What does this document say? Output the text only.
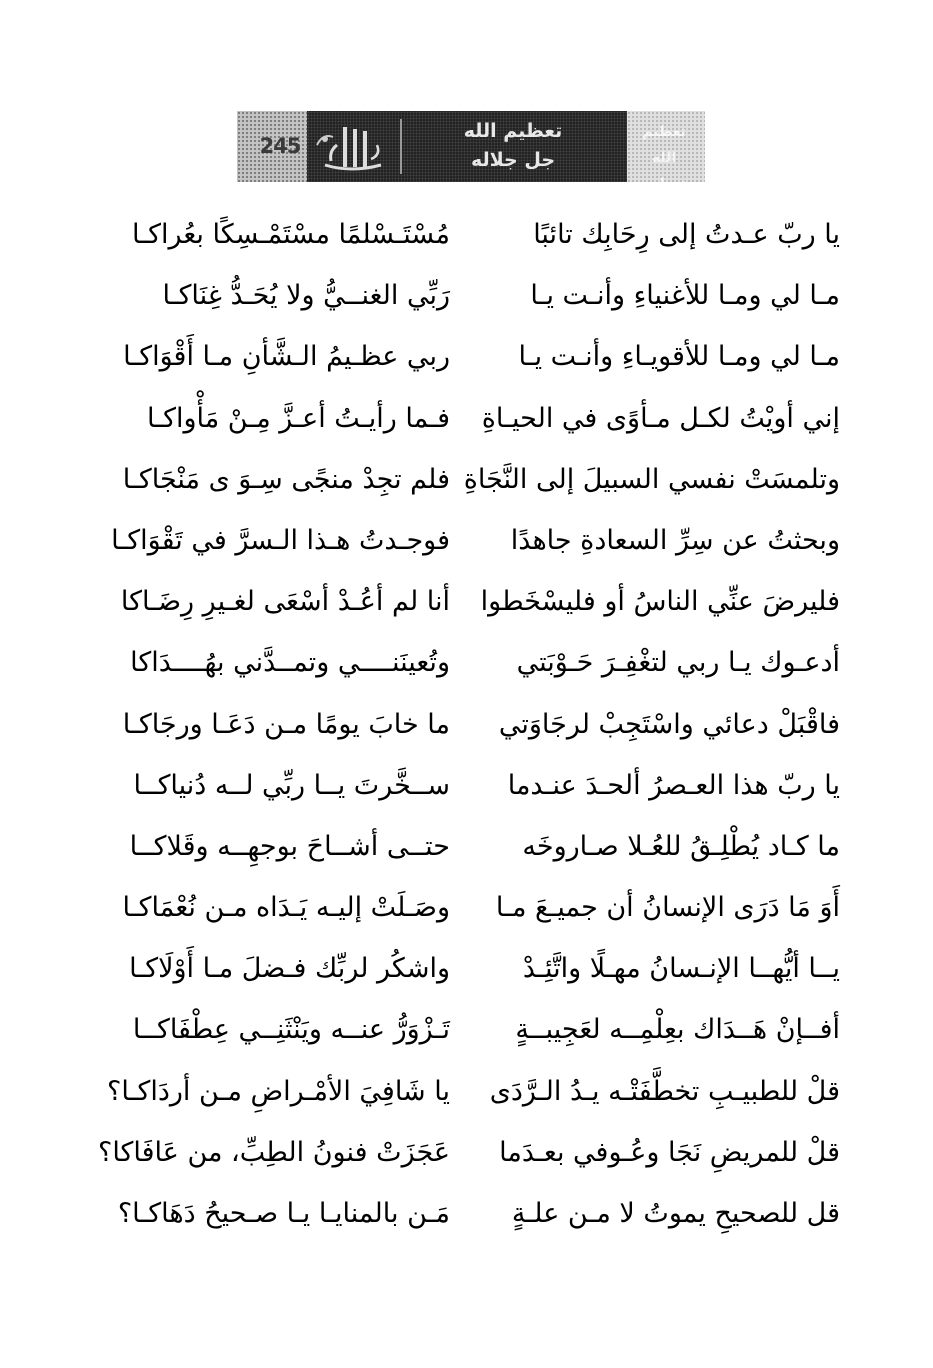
245
تعظيم الله
جل جلاله
تعظيم الله
تعظيم الله
يا ربّ عـدتُ إلى رِحَابِك تائبًا
مُسْتَـسْلمًا مسْتَمْـسِكًا بعُراكـا
مـا لي ومـا للأغنياءِ وأنـت يـا
رَبِّي الغنــيُّ ولا يُحَـدُّ غِنَاكـا
مـا لي ومـا للأقويـاءِ وأنـت يـا
ربي عظـيمُ الـشَّأنِ مـا أَقْوَاكـا
إني أويْتُ لكـل مـأوًى في الحيـاةِ
فـما رأيـتُ أعـزَّ مِـنْ مَأْواكـا
وتلمسَتْ نفسي السبيلَ إلى النَّجَاةِ
فلم تجِدْ منجًى سِـوَ ى مَنْجَاكـا
وبحثتُ عن سِرِّ السعادةِ جاهدًا
فوجـدتُ هـذا الـسرَّ في تَقْوَاكـا
فليرضَ عنِّي الناسُ أو فليسْخَطوا
أنا لم أعُـدْ أسْعَى لغـيرِ رِضَـاكا
أدعـوك يـا ربي لتغْفِـرَ حَـوْبَتي
وتُعينَنــــي وتمــدَّني بهُــــدَاكا
فاقْبَلْ دعائي واسْتَجِبْ لرجَاوَتي
ما خابَ يومًا مـن دَعَـا ورجَاكـا
يا ربّ هذا العـصرُ ألحـدَ عنـدما
ســخَّرتَ يــا ربِّي لــه دُنياكــا
ما كـاد يُطْلِـقُ للعُـلا صـاروخَه
حتــى أشــاحَ بوجهِــه وقَلاكــا
أَوَ مَا دَرَى الإنسانُ أن جميـعَ مـا
وصَـلَتْ إليـه يَـدَاه مـن نُعْمَاكـا
يــا أيُّهــا الإنـسانُ مهـلًا واتَّئِـدْ
واشكُر لربِّك فـضلَ مـا أَوْلَاكـا
أفــإنْ هَــدَاك بعِلْمِــه لعَجِيبــةٍ
تَـزْوَرُّ عنــه ويَنْثَنِــي عِطْفَاكــا
قلْ للطبيـبِ تخطَّفَتْـه يـدُ الـرَّدَى
يا شَافِيَ الأمْـراضِ مـن أردَاكـا؟
قلْ للمريضِ نَجَا وعُـوفي بعـدَما
عَجَزَتْ فنونُ الطِبِّ، من عَافَاكا؟
قل للصحيحِ يموتُ لا مـن علـةٍ
مَـن بالمنايـا يـا صـحيحُ دَهَاكـا؟
